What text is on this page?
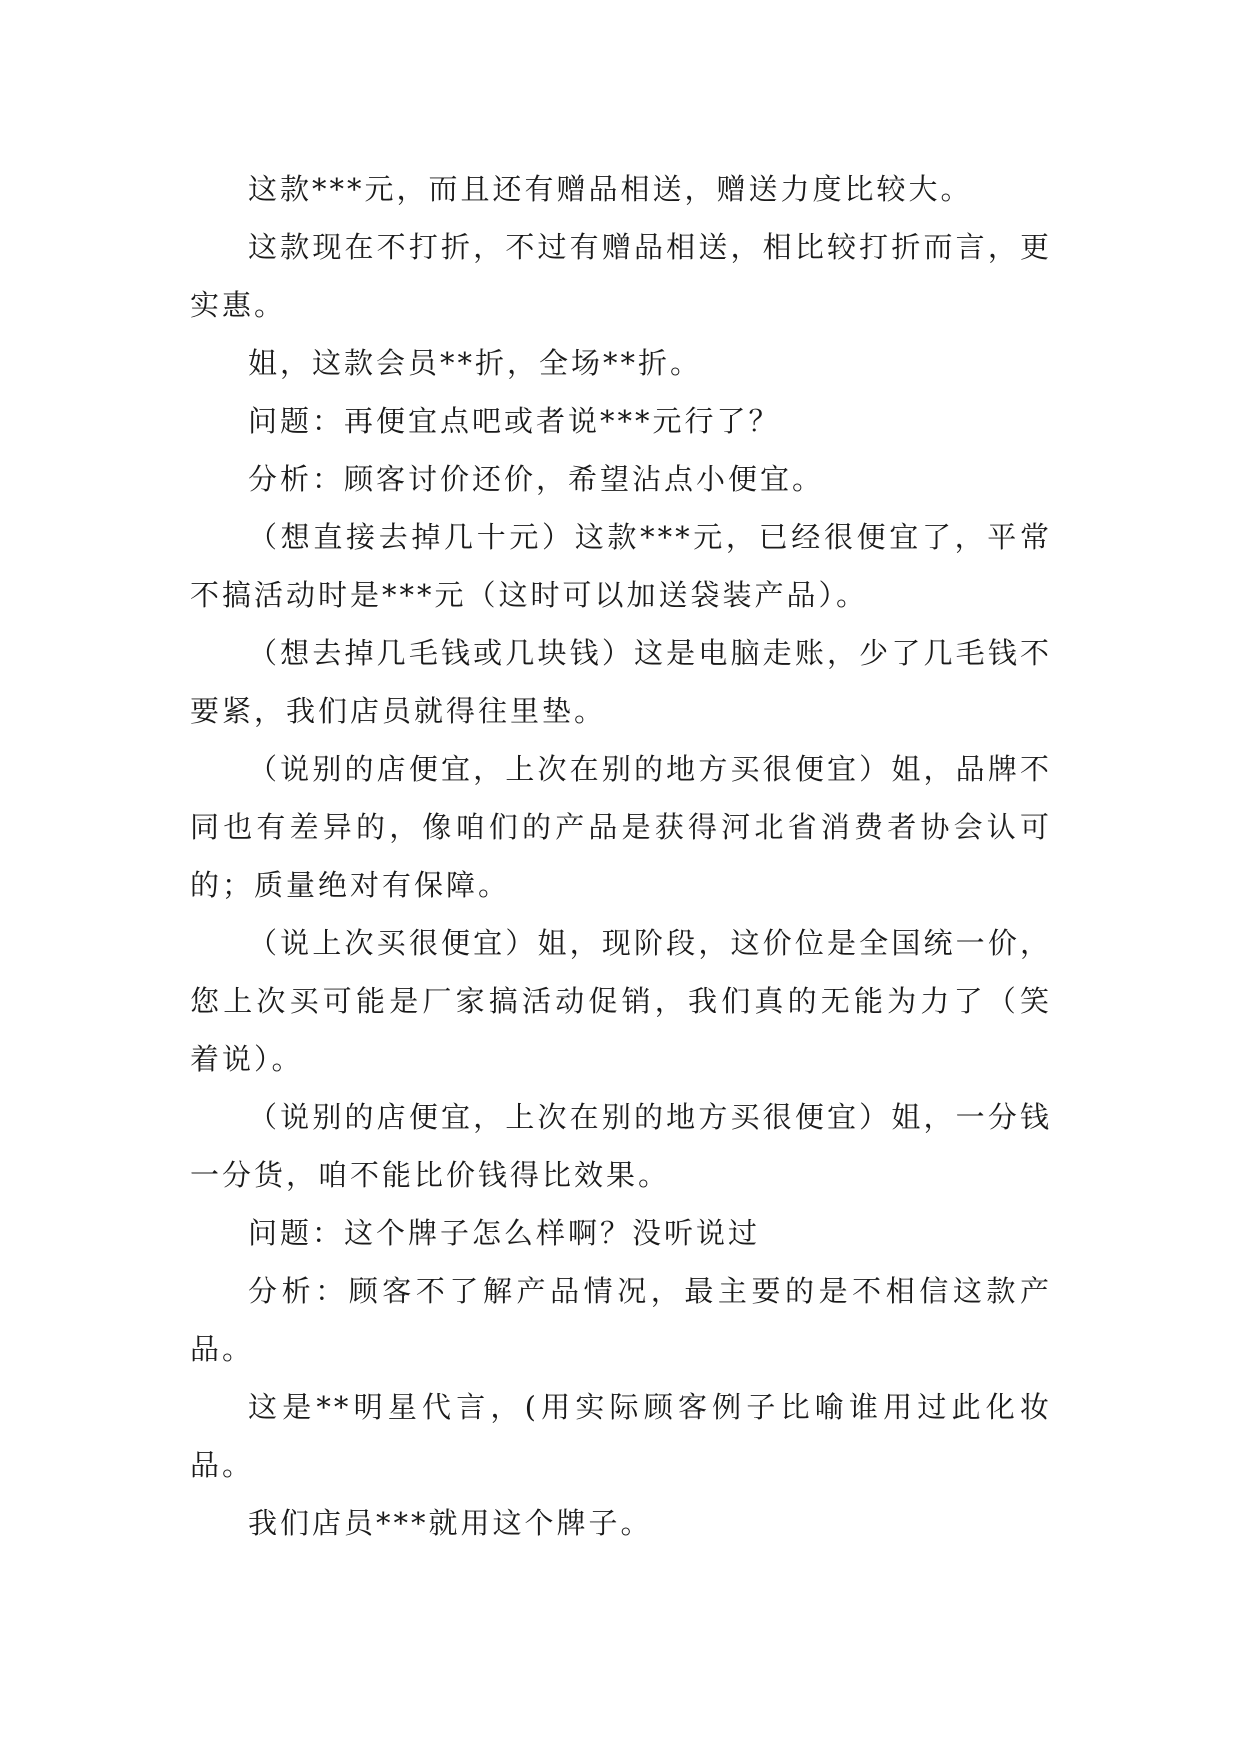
这款***元，而且还有赠品相送，赠送力度比较大。

这款现在不打折，不过有赠品相送，相比较打折而言，更实惠。

姐，这款会员**折，全场**折。

问题：再便宜点吧或者说***元行了？

分析：顾客讨价还价，希望沾点小便宜。

（想直接去掉几十元）这款***元，已经很便宜了，平常不搞活动时是***元（这时可以加送袋装产品）。

（想去掉几毛钱或几块钱）这是电脑走账，少了几毛钱不要紧，我们店员就得往里垫。

（说别的店便宜，上次在别的地方买很便宜）姐，品牌不同也有差异的，像咱们的产品是获得河北省消费者协会认可的；质量绝对有保障。

（说上次买很便宜）姐，现阶段，这价位是全国统一价，您上次买可能是厂家搞活动促销，我们真的无能为力了（笑着说）。

（说别的店便宜，上次在别的地方买很便宜）姐，一分钱一分货，咱不能比价钱得比效果。

问题：这个牌子怎么样啊？没听说过

分析：顾客不了解产品情况，最主要的是不相信这款产品。

这是**明星代言，(用实际顾客例子比喻谁用过此化妆品。

我们店员***就用这个牌子。
